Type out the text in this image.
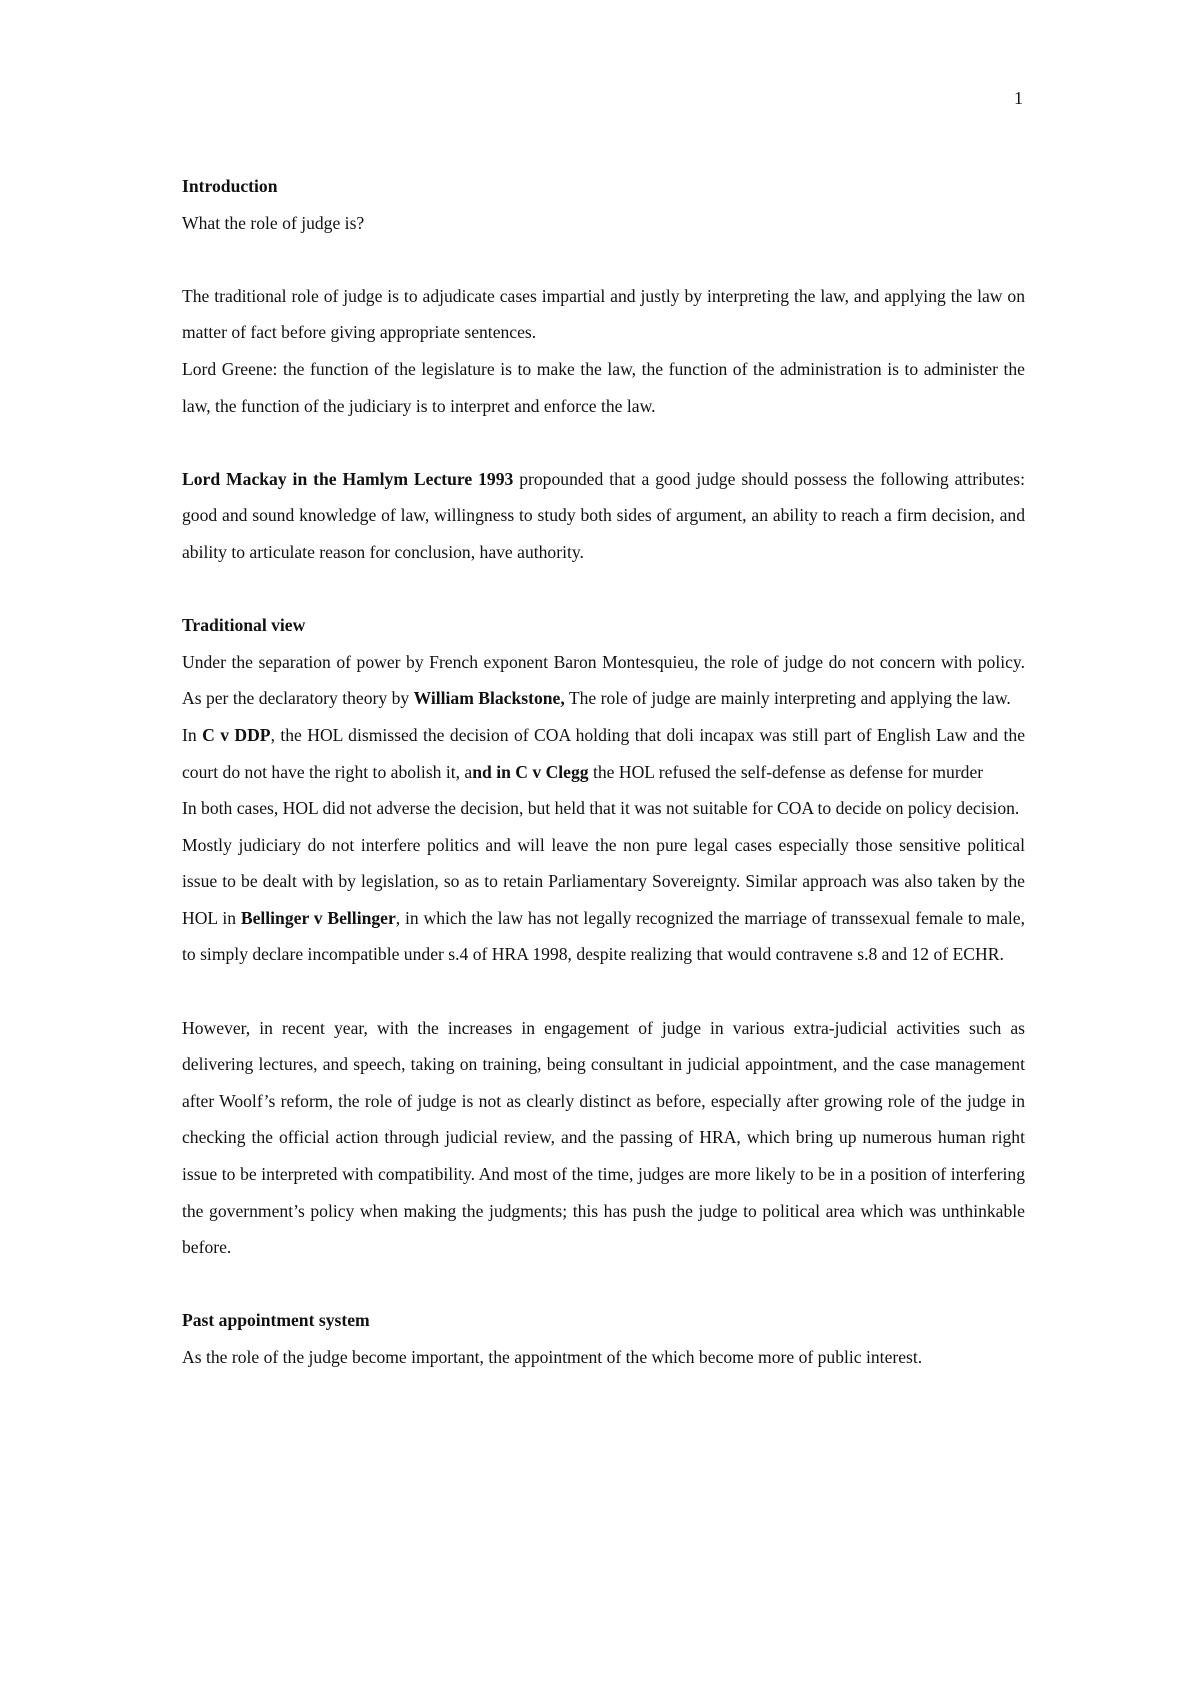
1

Introduction

What the role of judge is?

The traditional role of judge is to adjudicate cases impartial and justly by interpreting the law, and applying the law on matter of fact before giving appropriate sentences.

Lord Greene: the function of the legislature is to make the law, the function of the administration is to administer the law, the function of the judiciary is to interpret and enforce the law.

Lord Mackay in the Hamlym Lecture 1993 propounded that a good judge should possess the following attributes: good and sound knowledge of law, willingness to study both sides of argument, an ability to reach a firm decision, and ability to articulate reason for conclusion, have authority.

Traditional view

Under the separation of power by French exponent Baron Montesquieu, the role of judge do not concern with policy. As per the declaratory theory by William Blackstone, The role of judge are mainly interpreting and applying the law.

In C v DDP, the HOL dismissed the decision of COA holding that doli incapax was still part of English Law and the court do not have the right to abolish it, and in C v Clegg the HOL refused the self-defense as defense for murder

In both cases, HOL did not adverse the decision, but held that it was not suitable for COA to decide on policy decision.

Mostly judiciary do not interfere politics and will leave the non pure legal cases especially those sensitive political issue to be dealt with by legislation, so as to retain Parliamentary Sovereignty. Similar approach was also taken by the HOL in Bellinger v Bellinger, in which the law has not legally recognized the marriage of transsexual female to male, to simply declare incompatible under s.4 of HRA 1998, despite realizing that would contravene s.8 and 12 of ECHR.

However, in recent year, with the increases in engagement of judge in various extra-judicial activities such as delivering lectures, and speech, taking on training, being consultant in judicial appointment, and the case management after Woolf’s reform, the role of judge is not as clearly distinct as before, especially after growing role of the judge in checking the official action through judicial review, and the passing of HRA, which bring up numerous human right issue to be interpreted with compatibility. And most of the time, judges are more likely to be in a position of interfering the government’s policy when making the judgments; this has push the judge to political area which was unthinkable before.

Past appointment system

As the role of the judge become important, the appointment of the which become more of public interest.
